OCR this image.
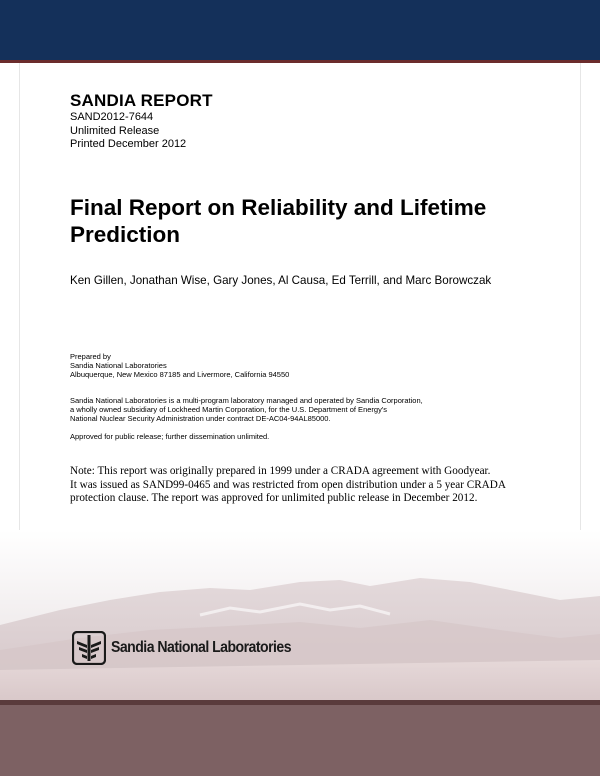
SANDIA REPORT
SAND2012-7644
Unlimited Release
Printed December 2012
Final Report on Reliability and Lifetime Prediction
Ken Gillen, Jonathan Wise, Gary Jones, Al Causa, Ed Terrill, and Marc Borowczak
Prepared by
Sandia National Laboratories
Albuquerque, New Mexico 87185 and Livermore, California 94550
Sandia National Laboratories is a multi-program laboratory managed and operated by Sandia Corporation,
a wholly owned subsidiary of Lockheed Martin Corporation, for the U.S. Department of Energy's
National Nuclear Security Administration under contract DE-AC04-94AL85000.
Approved for public release; further dissemination unlimited.
Note: This report was originally prepared in 1999 under a CRADA agreement with Goodyear.
It was issued as SAND99-0465 and was restricted from open distribution under a 5 year CRADA
protection clause. The report was approved for unlimited public release in December 2012.
Sandia National Laboratories
